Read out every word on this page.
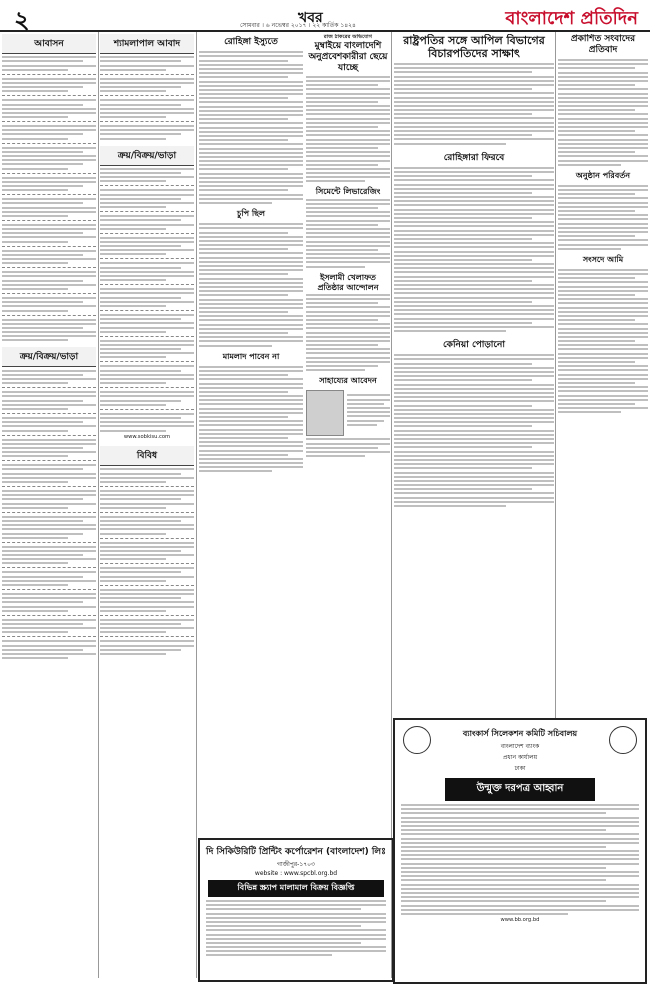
২	খবর
সোমবার । ৬ নভেম্বর ২০১৭ । ২২ কার্তিক ১৪২৪	বাংলাদেশ প্রতিদিন
আবাসন
ক্রয়/বিক্রয়/ভাড়া
শ্যামলাপাল আবাদ
ক্রয়/বিক্রয়/ভাড়া
www.sobkisu.com
বিবিধ
রোহিঙ্গা ইস্যুতে
চুপি ছিল
মামলাদ পাবেন না
রাজ ঠাকরের অভিযোগ
মুম্বাইয়ে বাংলাদেশি অনুপ্রবেশকারীরা ছেয়ে যাচ্ছে
সিমেন্টে লিভারেজিং
ইসলামী খেলাফত প্রতিষ্ঠার আন্দোলন
সাহায্যের আবেদন
রাষ্ট্রপতির সঙ্গে আপিল বিভাগের বিচারপতিদের সাক্ষাৎ
রোহিঙ্গারা ফিরবে
কেনিয়া পোড়ানো
প্রকাশিত সংবাদের প্রতিবাদ
অনুষ্ঠান পরিবর্তন
সংসদে আমি
ব্যাংকার্স সিলেকশন কমিটি সচিবালয়
বাংলাদেশ ব্যাংক
প্রধান কার্যালয়
ঢাকা
উন্মুক্ত দরপত্র আহ্বান
www.bb.org.bd
দি সিকিউরিটি প্রিন্টিং কর্পোরেশন (বাংলাদেশ) লিঃ
গাজীপুর-১৭০৩
website : www.spcbl.org.bd
বিভিন্ন স্ক্র্যাপ মালামাল বিক্রয় বিজ্ঞপ্তি
